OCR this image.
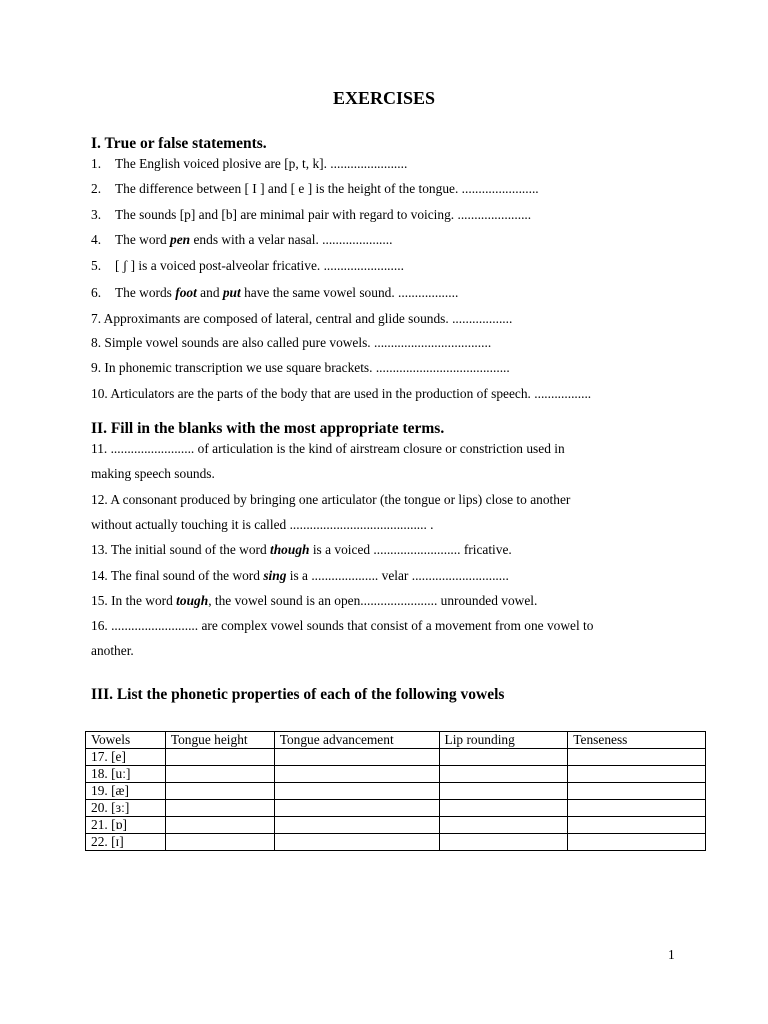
EXERCISES
I. True or false statements.
1. The English voiced plosive are [p, t, k]. .......................
2. The difference between [ I ] and [ e ] is the height of the tongue. .......................
3. The sounds [p] and [b] are minimal pair with regard to voicing. ......................
4. The word pen ends with a velar nasal. .....................
5. [ ʃ ] is a voiced post-alveolar fricative. ........................
6. The words foot and put have the same vowel sound. ..................
7. Approximants are composed of lateral, central and glide sounds. ..................
8. Simple vowel sounds are also called pure vowels. ...................................
9. In phonemic transcription we use square brackets. ........................................
10. Articulators are the parts of the body that are used in the production of speech. .................
II. Fill in the blanks with the most appropriate terms.
11. ......................... of articulation is the kind of airstream closure or constriction used in
making speech sounds.
12. A consonant produced by bringing one articulator (the tongue or lips) close to another
without actually touching it is called ......................................... .
13. The initial sound of the word though is a voiced .......................... fricative.
14. The final sound of the word sing is a .................... velar .............................
15. In the word tough, the vowel sound is an open....................... unrounded vowel.
16. .......................... are complex vowel sounds that consist of a movement from one vowel to
another.
III. List the phonetic properties of each of the following vowels
Vowels	Tongue height	Tongue advancement	Lip rounding	Tenseness
17. [e]				
18. [uː]				
19. [æ]				
20. [ɜː]				
21. [ɒ]				
22. [ɪ]				
1
